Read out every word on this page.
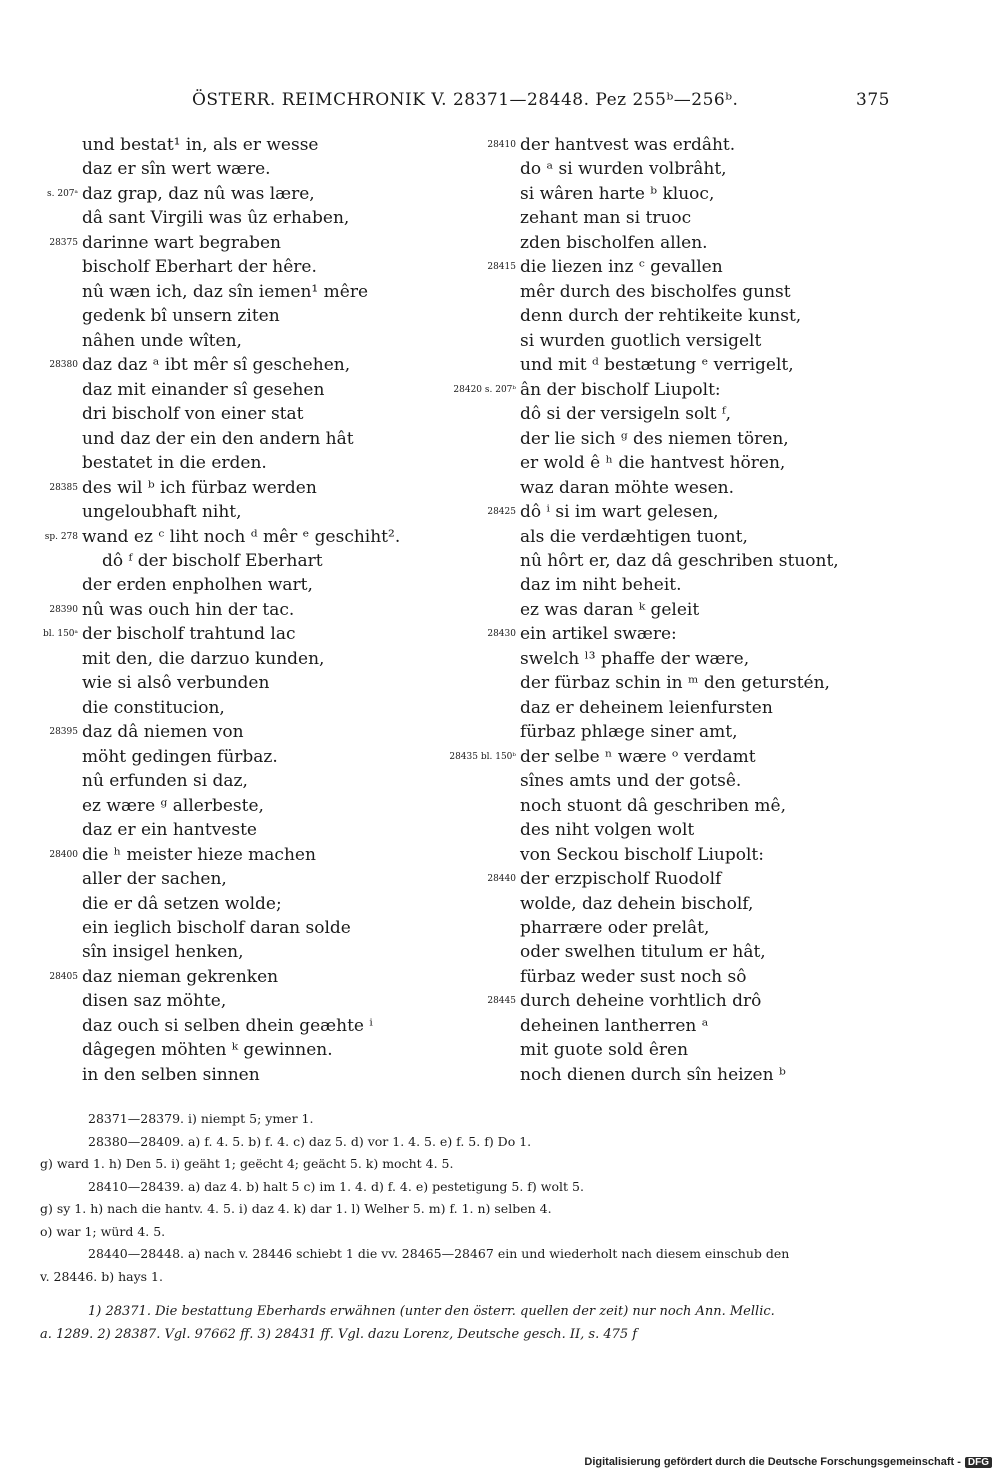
ÖSTERR. REIMCHRONIK V. 28371—28448. Pez 255ᵇ—256ᵇ.	375
und bestat¹ in, als er wesse
daz er sîn wert wære.
s. 207ᵃ daz grap, daz nû was lære,
dâ sant Virgili was ûz erhaben,
28375 darinne wart begraben
bischolf Eberhart der hêre.
nû wæn ich, daz sîn iemen¹ mêre
gedenk bî unsern ziten
nâhen unde wîten,
28380 daz daz ᵃ ibt mêr sî geschehen,
daz mit einander sî gesehen
dri bischolf von einer stat
und daz der ein den andern hât
bestatet in die erden.
28385 des wil ᵇ ich fürbaz werden
ungeloubhaft niht,
sp. 278 wand ez ᶜ liht noch ᵈ mêr ᵉ geschiht².
dô ᶠ der bischolf Eberhart
der erden enpholhen wart,
28390 nû was ouch hin der tac.
bl. 150ᵃ der bischolf trahtund lac
mit den, die darzuo kunden,
wie si alsô verbunden
die constitucion,
28395 daz dâ niemen von
möht gedingen fürbaz.
nû erfunden si daz,
ez wære ᵍ allerbeste,
daz er ein hantveste
28400 die ʰ meister hieze machen
aller der sachen,
die er dâ setzen wolde;
ein ieglich bischolf daran solde
sîn insigel henken,
28405 daz nieman gekrenken
disen saz möhte,
daz ouch si selben dhein geæhte ⁱ
dâgegen möhten ᵏ gewinnen.
in den selben sinnen
28410 der hantvest was erdâht.
do ᵃ si wurden volbrâht,
si wâren harte ᵇ kluoc,
zehant man si truoc
zden bischolfen allen.
28415 die liezen inz ᶜ gevallen
mêr durch des bischolfes gunst
denn durch der rehtikeite kunst,
si wurden guotlich versigelt
und mit ᵈ bestætung ᵉ verrigelt,
28420 s. 207ᵇ ân der bischolf Liupolt:
dô si der versigeln solt ᶠ,
der lie sich ᵍ des niemen tören,
er wold ê ʰ die hantvest hören,
waz daran möhte wesen.
28425 dô ⁱ si im wart gelesen,
als die verdæhtigen tuont,
nû hôrt er, daz dâ geschriben stuont,
daz im niht beheit.
ez was daran ᵏ geleit
28430 ein artikel swære:
swelch ˡ³ phaffe der wære,
der fürbaz schin in ᵐ den geturstén,
daz er deheinem leienfursten
fürbaz phlæge siner amt,
28435 bl. 150ᵇ der selbe ⁿ wære ᵒ verdamt
sînes amts und der gotsê.
noch stuont dâ geschriben mê,
des niht volgen wolt
von Seckou bischolf Liupolt:
28440 der erzpischolf Ruodolf
wolde, daz dehein bischolf,
pharrære oder prelât,
oder swelhen titulum er hât,
fürbaz weder sust noch sô
28445 durch deheine vorhtlich drô
deheinen lantherren ᵃ
mit guote sold êren
noch dienen durch sîn heizen ᵇ
28371—28379. i) niempt 5; ymer 1.
28380—28409. a) f. 4. 5. b) f. 4. c) daz 5. d) vor 1. 4. 5. e) f. 5. f) Do 1.
g) ward 1. h) Den 5. i) geäht 1; geëcht 4; geächt 5. k) mocht 4. 5.
28410—28439. a) daz 4. b) halt 5 c) im 1. 4. d) f. 4. e) pestetigung 5. f) wolt 5.
g) sy 1. h) nach die hantv. 4. 5. i) daz 4. k) dar 1. l) Welher 5. m) f. 1. n) selben 4.
o) war 1; würd 4. 5.
28440—28448. a) nach v. 28446 schiebt 1 die vv. 28465—28467 ein und wiederholt nach diesem einschub den
v. 28446. b) hays 1.
1) 28371. Die bestattung Eberhards erwähnen (unter den österr. quellen der zeit) nur noch Ann. Mellic.
a. 1289. 2) 28387. Vgl. 97662 ff. 3) 28431 ff. Vgl. dazu Lorenz, Deutsche gesch. II, s. 475 f
Digitalisierung gefördert durch die Deutsche Forschungsgemeinschaft - DFG
